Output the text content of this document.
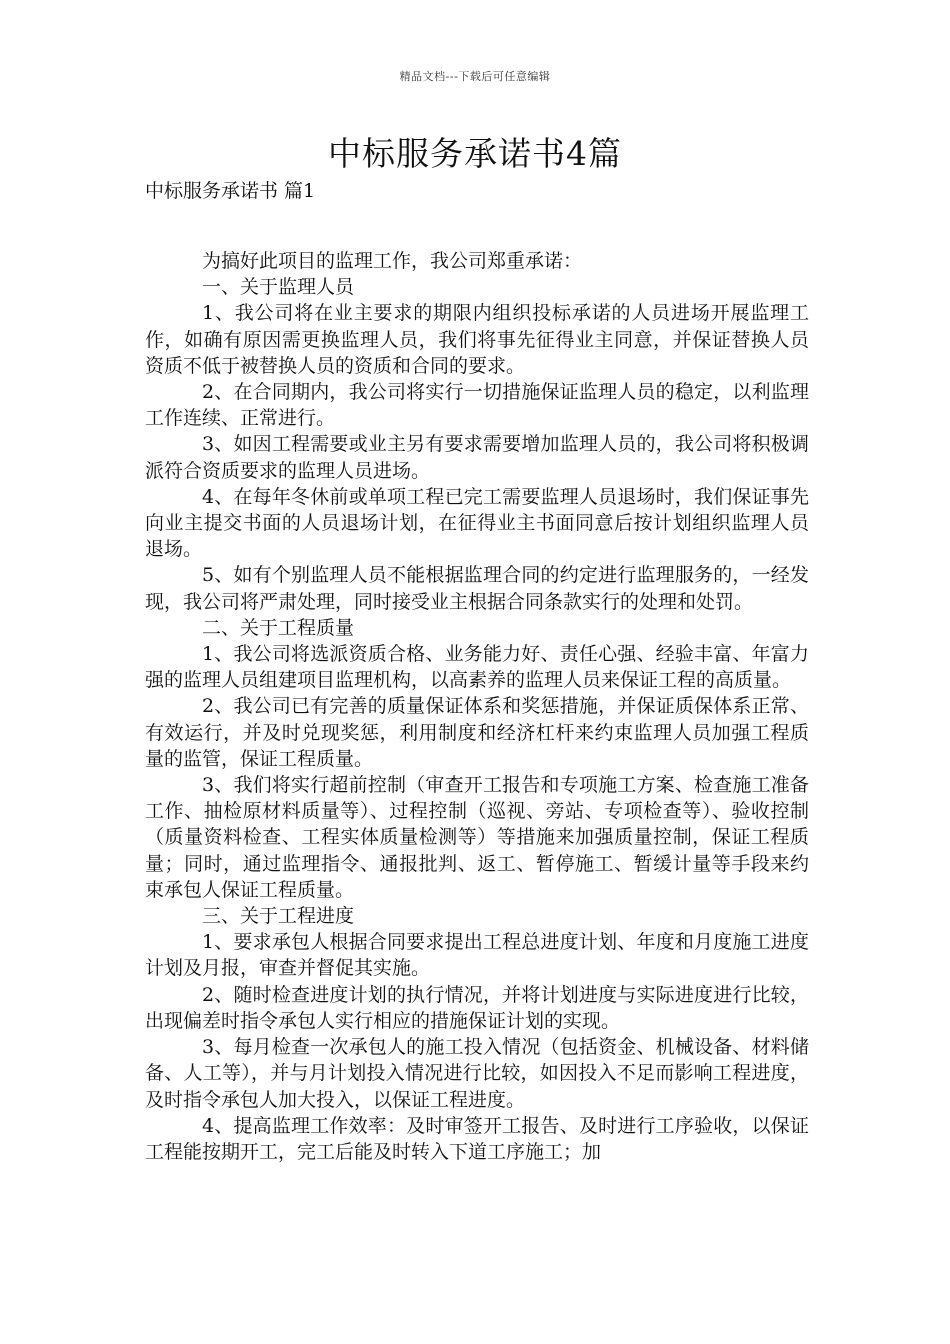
精品文档---下载后可任意编辑
中标服务承诺书4篇
中标服务承诺书 篇1

为搞好此项目的监理工作，我公司郑重承诺：

一、关于监理人员

1、我公司将在业主要求的期限内组织投标承诺的人员进场开展监理工作，如确有原因需更换监理人员，我们将事先征得业主同意，并保证替换人员资质不低于被替换人员的资质和合同的要求。

2、在合同期内，我公司将实行一切措施保证监理人员的稳定，以利监理工作连续、正常进行。

3、如因工程需要或业主另有要求需要增加监理人员的，我公司将积极调派符合资质要求的监理人员进场。

4、在每年冬休前或单项工程已完工需要监理人员退场时，我们保证事先向业主提交书面的人员退场计划，在征得业主书面同意后按计划组织监理人员退场。

5、如有个别监理人员不能根据监理合同的约定进行监理服务的，一经发现，我公司将严肃处理，同时接受业主根据合同条款实行的处理和处罚。

二、关于工程质量

1、我公司将选派资质合格、业务能力好、责任心强、经验丰富、年富力强的监理人员组建项目监理机构，以高素养的监理人员来保证工程的高质量。

2、我公司已有完善的质量保证体系和奖惩措施，并保证质保体系正常、有效运行，并及时兑现奖惩，利用制度和经济杠杆来约束监理人员加强工程质量的监管，保证工程质量。

3、我们将实行超前控制（审查开工报告和专项施工方案、检查施工准备工作、抽检原材料质量等）、过程控制（巡视、旁站、专项检查等）、验收控制（质量资料检查、工程实体质量检测等）等措施来加强质量控制，保证工程质量；同时，通过监理指令、通报批判、返工、暂停施工、暂缓计量等手段来约束承包人保证工程质量。

三、关于工程进度

1、要求承包人根据合同要求提出工程总进度计划、年度和月度施工进度计划及月报，审查并督促其实施。

2、随时检查进度计划的执行情况，并将计划进度与实际进度进行比较，出现偏差时指令承包人实行相应的措施保证计划的实现。

3、每月检查一次承包人的施工投入情况（包括资金、机械设备、材料储备、人工等），并与月计划投入情况进行比较，如因投入不足而影响工程进度，及时指令承包人加大投入，以保证工程进度。

4、提高监理工作效率：及时审签开工报告、及时进行工序验收，以保证工程能按期开工，完工后能及时转入下道工序施工；加
